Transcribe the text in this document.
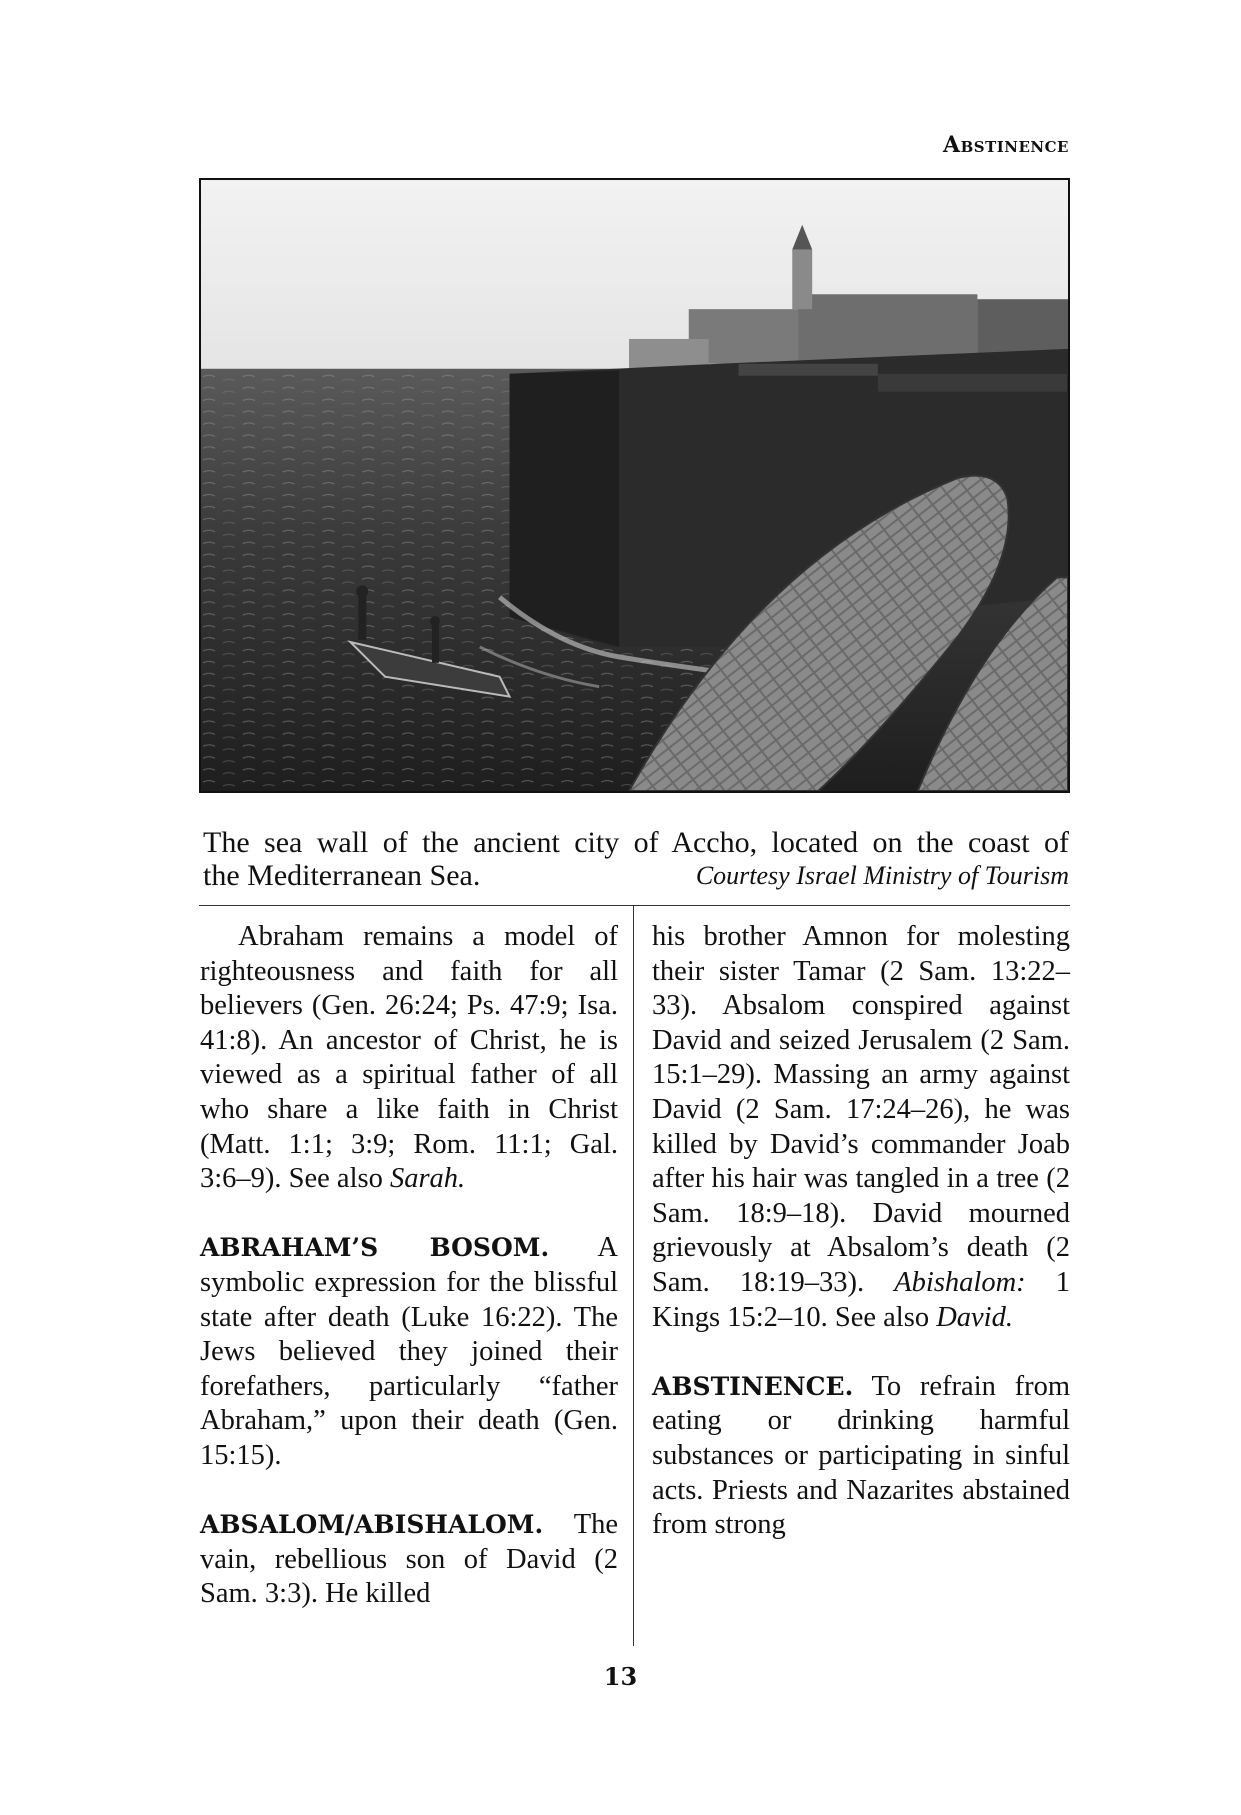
Abstinence
The sea wall of the ancient city of Accho, located on the coast of
the Mediterranean Sea.	Courtesy Israel Ministry of Tourism

Abraham remains a model of righteousness and faith for all believers (Gen. 26:24; Ps. 47:9; Isa. 41:8). An ancestor of Christ, he is viewed as a spiritual father of all who share a like faith in Christ (Matt. 1:1; 3:9; Rom. 11:1; Gal. 3:6–9). See also Sarah.

ABRAHAM’S BOSOM. A symbolic expression for the blissful state after death (Luke 16:22). The Jews believed they joined their forefathers, particularly “father Abraham,” upon their death (Gen. 15:15).

ABSALOM/ABISHALOM. The vain, rebellious son of David (2 Sam. 3:3). He killed

his brother Amnon for molesting their sister Tamar (2 Sam. 13:22–33). Absalom conspired against David and seized Jerusalem (2 Sam. 15:1–29). Massing an army against David (2 Sam. 17:24–26), he was killed by David’s commander Joab after his hair was tangled in a tree (2 Sam. 18:9–18). David mourned grievously at Absalom’s death (2 Sam. 18:19–33). Abishalom: 1 Kings 15:2–10. See also David.

ABSTINENCE. To refrain from eating or drinking harmful substances or participating in sinful acts. Priests and Nazarites abstained from strong

13
